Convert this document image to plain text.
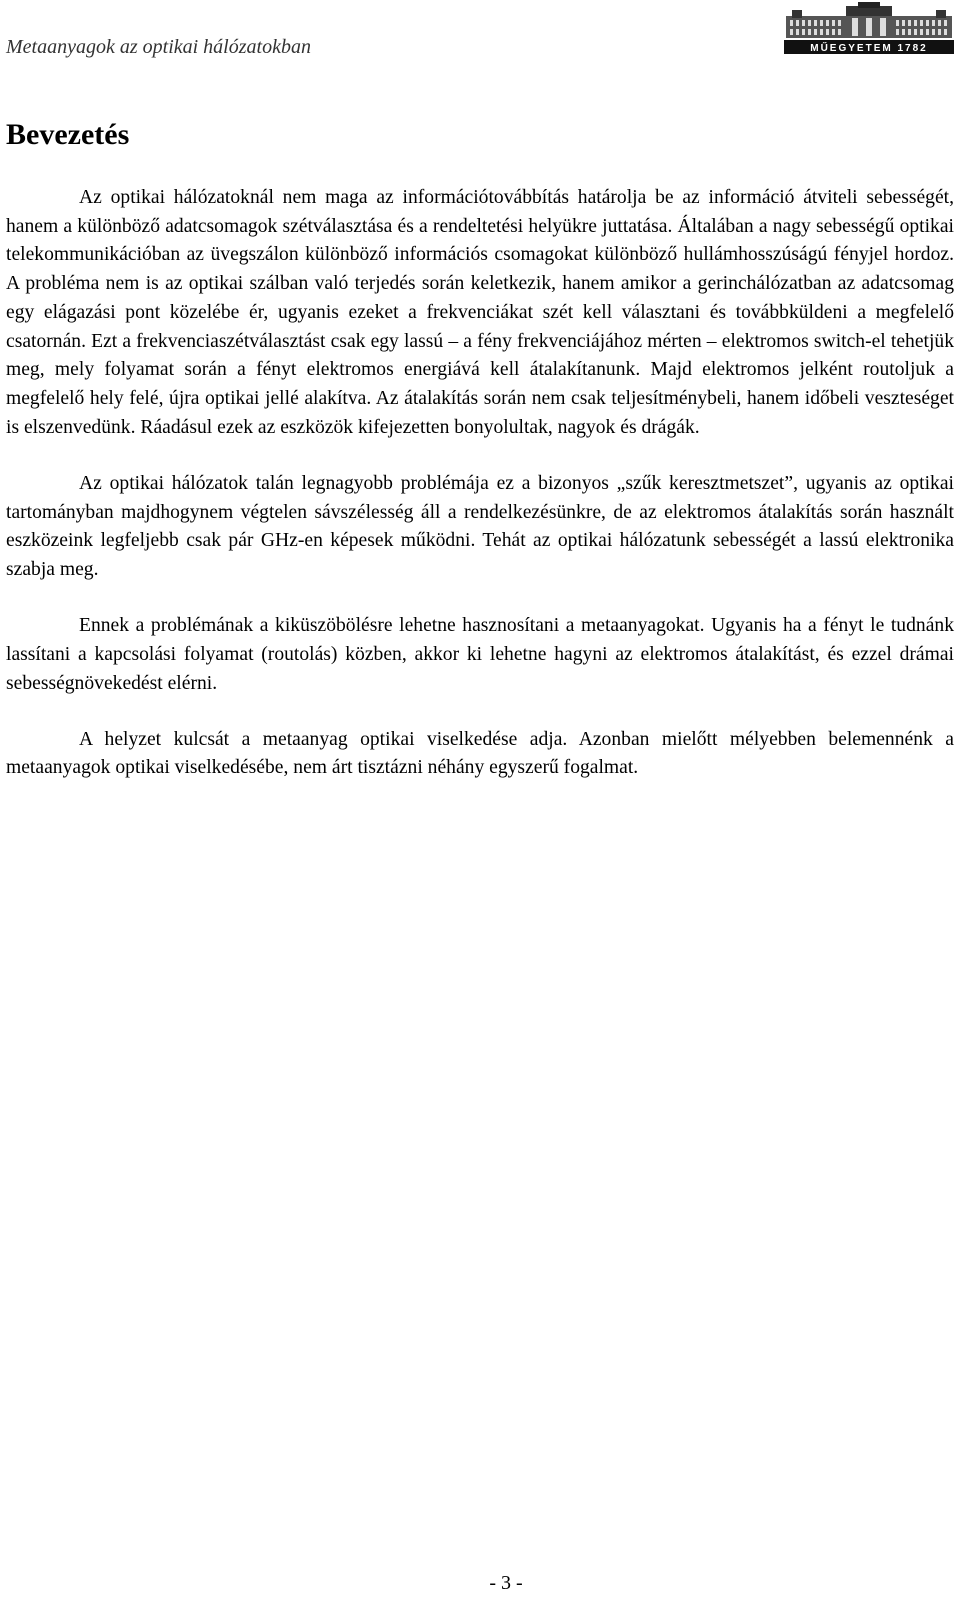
Metaanyagok az optikai hálózatokban	MŰEGYETEM 1782
Bevezetés

Az optikai hálózatoknál nem maga az információtovábbítás határolja be az információ átviteli sebességét, hanem a különböző adatcsomagok szétválasztása és a rendeltetési helyükre juttatása. Általában a nagy sebességű optikai telekommunikációban az üvegszálon különböző információs csomagokat különböző hullámhosszúságú fényjel hordoz. A probléma nem is az optikai szálban való terjedés során keletkezik, hanem amikor a gerinchálózatban az adatcsomag egy elágazási pont közelébe ér, ugyanis ezeket a frekvenciákat szét kell választani és továbbküldeni a megfelelő csatornán. Ezt a frekvenciaszétválasztást csak egy lassú – a fény frekvenciájához mérten – elektromos switch-el tehetjük meg, mely folyamat során a fényt elektromos energiává kell átalakítanunk. Majd elektromos jelként routoljuk a megfelelő hely felé, újra optikai jellé alakítva. Az átalakítás során nem csak teljesítménybeli, hanem időbeli veszteséget is elszenvedünk. Ráadásul ezek az eszközök kifejezetten bonyolultak, nagyok és drágák.

Az optikai hálózatok talán legnagyobb problémája ez a bizonyos „szűk keresztmetszet”, ugyanis az optikai tartományban majdhogynem végtelen sávszélesség áll a rendelkezésünkre, de az elektromos átalakítás során használt eszközeink legfeljebb csak pár GHz-en képesek működni. Tehát az optikai hálózatunk sebességét a lassú elektronika szabja meg.

Ennek a problémának a kiküszöbölésre lehetne hasznosítani a metaanyagokat. Ugyanis ha a fényt le tudnánk lassítani a kapcsolási folyamat (routolás) közben, akkor ki lehetne hagyni az elektromos átalakítást, és ezzel drámai sebességnövekedést elérni.

A helyzet kulcsát a metaanyag optikai viselkedése adja. Azonban mielőtt mélyebben belemennénk a metaanyagok optikai viselkedésébe, nem árt tisztázni néhány egyszerű fogalmat.

- 3 -
